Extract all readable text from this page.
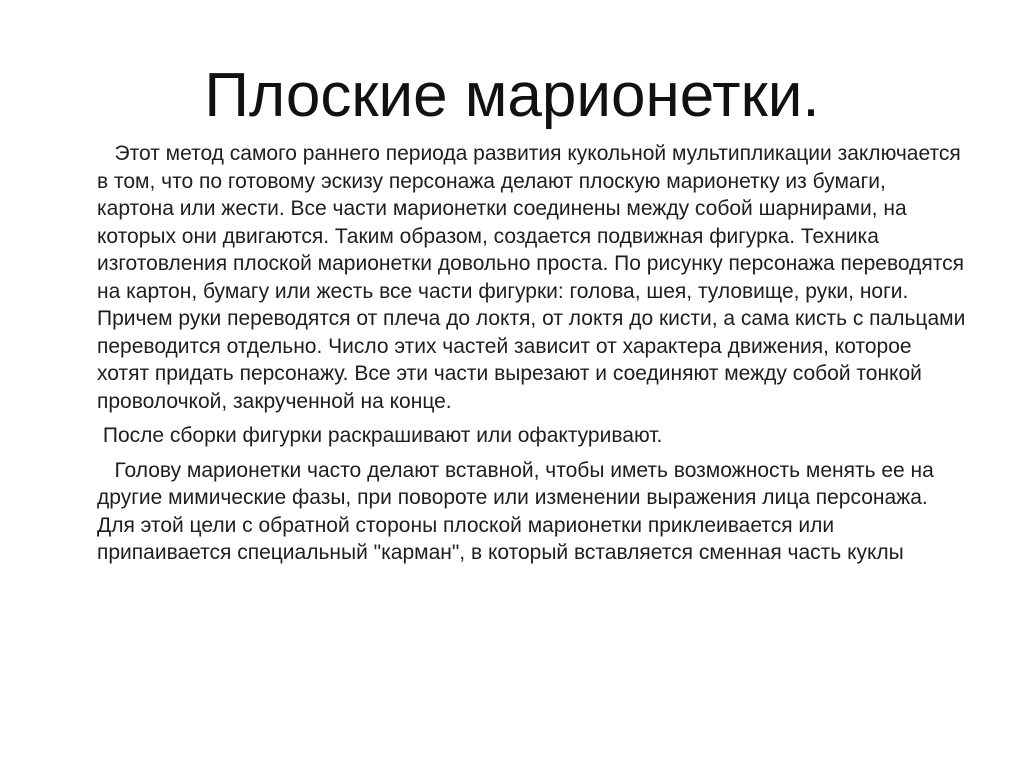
Плоские марионетки.

Этот метод самого раннего периода развития кукольной мультипликации заключается в том, что по готовому эскизу персонажа делают плоскую марионетку из бумаги, картона или жести. Все части марионетки соединены между собой шарнирами, на которых они двигаются. Таким образом, создается подвижная фигурка. Техника изготовления плоской марионетки довольно проста. По рисунку персонажа переводятся на картон, бумагу или жесть все части фигурки: голова, шея, туловище, руки, ноги. Причем руки переводятся от плеча до локтя, от локтя до кисти, а сама кисть с пальцами переводится отдельно. Число этих частей зависит от характера движения, которое хотят придать персонажу. Все эти части вырезают и соединяют между собой тонкой проволочкой, закрученной на конце.

После сборки фигурки раскрашивают или офактуривают.

Голову марионетки часто делают вставной, чтобы иметь возможность менять ее на другие мимические фазы, при повороте или изменении выражения лица персонажа. Для этой цели с обратной стороны плоской марионетки приклеивается или припаивается специальный "карман", в который вставляется сменная часть куклы
